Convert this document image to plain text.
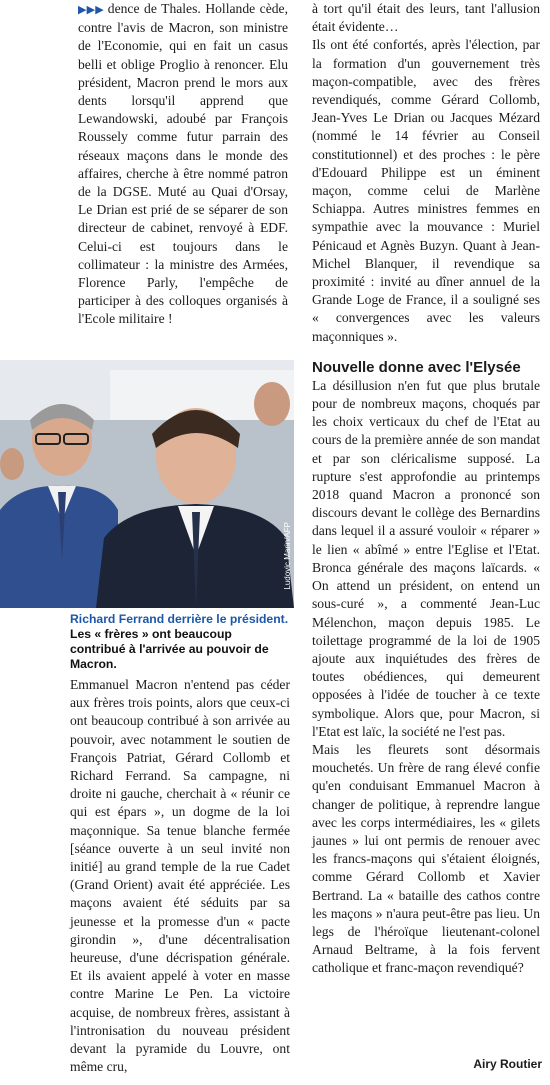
▶▶▶ dence de Thales. Hollande cède, contre l'avis de Macron, son ministre de l'Economie, qui en fait un casus belli et oblige Proglio à renoncer. Elu président, Macron prend le mors aux dents lorsqu'il apprend que Lewandowski, adoubé par François Roussely comme futur parrain des réseaux maçons dans le monde des affaires, cherche à être nommé patron de la DGSE. Muté au Quai d'Orsay, Le Drian est prié de se séparer de son directeur de cabinet, renvoyé à EDF. Celui-ci est toujours dans le collimateur : la ministre des Armées, Florence Parly, l'empêche de participer à des colloques organisés à l'Ecole militaire !

Ludovic Marin/AFP
Richard Ferrand derrière le président.
Les « frères » ont beaucoup contribué à l'arrivée au pouvoir de Macron.

Emmanuel Macron n'entend pas céder aux frères trois points, alors que ceux-ci ont beaucoup contribué à son arrivée au pouvoir, avec notamment le soutien de François Patriat, Gérard Collomb et Richard Ferrand. Sa campagne, ni droite ni gauche, cherchait à « réunir ce qui est épars », un dogme de la loi maçonnique. Sa tenue blanche fermée [séance ouverte à un seul invité non initié] au grand temple de la rue Cadet (Grand Orient) avait été appréciée. Les maçons avaient été séduits par sa jeunesse et la promesse d'un « pacte girondin », d'une décentralisation heureuse, d'une décrispation générale. Et ils avaient appelé à voter en masse contre Marine Le Pen. La victoire acquise, de nombreux frères, assistant à l'intronisation du nouveau président devant la pyramide du Louvre, ont même cru,

à tort qu'il était des leurs, tant l'allusion était évidente…

Ils ont été confortés, après l'élection, par la formation d'un gouvernement très maçon-compatible, avec des frères revendiqués, comme Gérard Collomb, Jean-Yves Le Drian ou Jacques Mézard (nommé le 14 février au Conseil constitutionnel) et des proches : le père d'Edouard Philippe est un éminent maçon, comme celui de Marlène Schiappa. Autres ministres femmes en sympathie avec la mouvance : Muriel Pénicaud et Agnès Buzyn. Quant à Jean-Michel Blanquer, il revendique sa proximité : invité au dîner annuel de la Grande Loge de France, il a souligné ses « convergences avec les valeurs maçonniques ».

Nouvelle donne avec l'Elysée

La désillusion n'en fut que plus brutale pour de nombreux maçons, choqués par les choix verticaux du chef de l'Etat au cours de la première année de son mandat et par son cléricalisme supposé. La rupture s'est approfondie au printemps 2018 quand Macron a prononcé son discours devant le collège des Bernardins dans lequel il a assuré vouloir « réparer » le lien « abîmé » entre l'Eglise et l'Etat. Bronca générale des maçons laïcards. « On attend un président, on entend un sous-curé », a commenté Jean-Luc Mélenchon, maçon depuis 1985. Le toilettage programmé de la loi de 1905 ajoute aux inquiétudes des frères de toutes obédiences, qui demeurent opposées à l'idée de toucher à ce texte symbolique. Alors que, pour Macron, si l'Etat est laïc, la société ne l'est pas.

Mais les fleurets sont désormais mouchetés. Un frère de rang élevé confie qu'en conduisant Emmanuel Macron à changer de politique, à reprendre langue avec les corps intermédiaires, les « gilets jaunes » lui ont permis de renouer avec les francs-maçons qui s'étaient éloignés, comme Gérard Collomb et Xavier Bertrand. La « bataille des cathos contre les maçons » n'aura peut-être pas lieu. Un legs de l'héroïque lieutenant-colonel Arnaud Beltrame, à la fois fervent catholique et franc-maçon revendiqué?

Airy Routier
